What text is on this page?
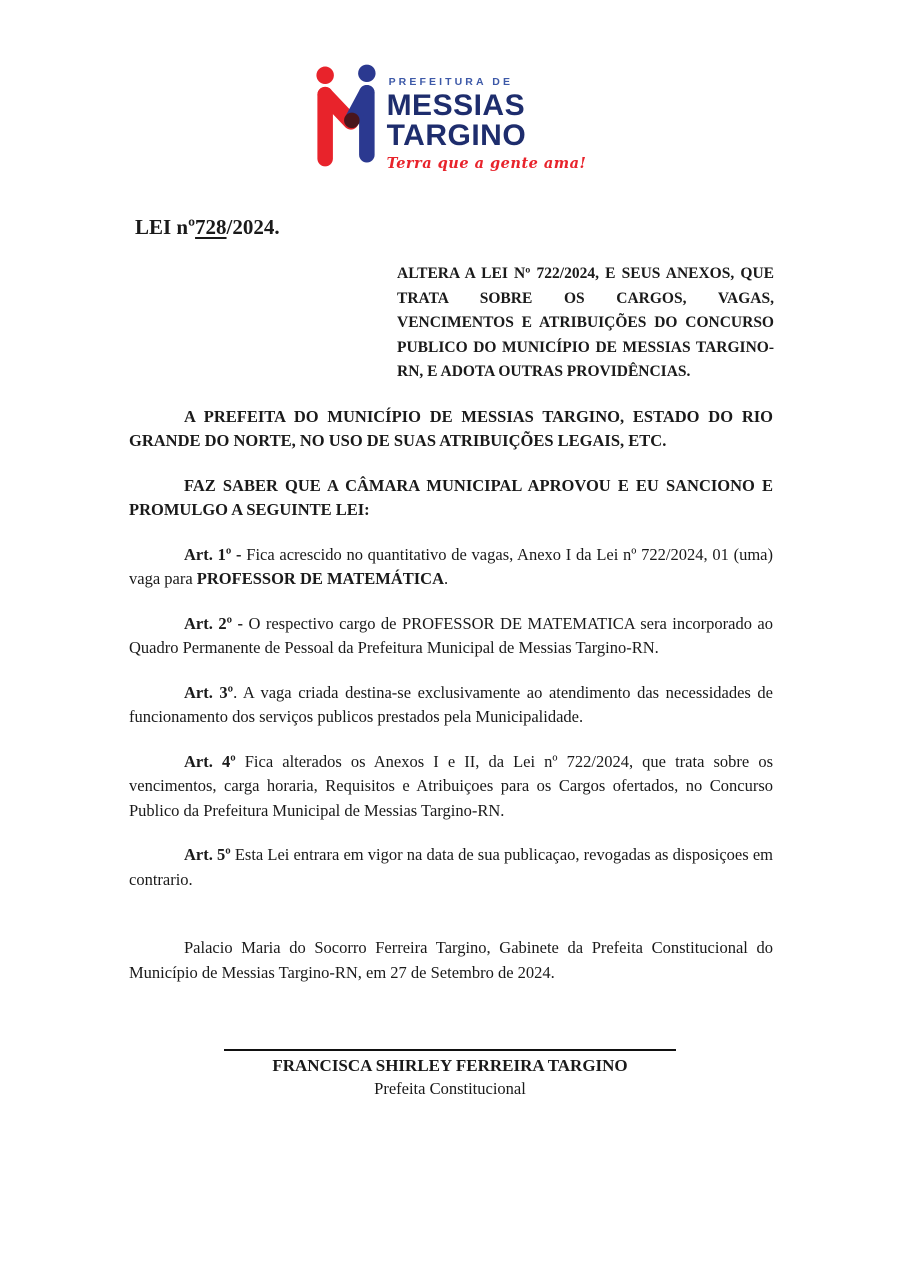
PREFEITURA DE
MESSIAS
TARGINO
Terra que a gente ama!
LEI nº728/2024.

ALTERA A LEI Nº 722/2024, E SEUS ANEXOS, QUE TRATA SOBRE OS CARGOS, VAGAS, VENCIMENTOS E ATRIBUIÇÕES DO CONCURSO PUBLICO DO MUNICÍPIO DE MESSIAS TARGINO-RN, E ADOTA OUTRAS PROVIDÊNCIAS.

A PREFEITA DO MUNICÍPIO DE MESSIAS TARGINO, ESTADO DO RIO GRANDE DO NORTE, NO USO DE SUAS ATRIBUIÇÕES LEGAIS, ETC.

FAZ SABER QUE A CÂMARA MUNICIPAL APROVOU E EU SANCIONO E PROMULGO A SEGUINTE LEI:

Art. 1º - Fica acrescido no quantitativo de vagas, Anexo I da Lei nº 722/2024, 01 (uma) vaga para PROFESSOR DE MATEMÁTICA.

Art. 2º - O respectivo cargo de PROFESSOR DE MATEMATICA sera incorporado ao Quadro Permanente de Pessoal da Prefeitura Municipal de Messias Targino-RN.

Art. 3º. A vaga criada destina-se exclusivamente ao atendimento das necessidades de funcionamento dos serviços publicos prestados pela Municipalidade.

Art. 4º Fica alterados os Anexos I e II, da Lei nº 722/2024, que trata sobre os vencimentos, carga horaria, Requisitos e Atribuiçoes para os Cargos ofertados, no Concurso Publico da Prefeitura Municipal de Messias Targino-RN.

Art. 5º Esta Lei entrara em vigor na data de sua publicaçao, revogadas as disposiçoes em contrario.

Palacio Maria do Socorro Ferreira Targino, Gabinete da Prefeita Constitucional do Município de Messias Targino-RN, em 27 de Setembro de 2024.

FRANCISCA SHIRLEY FERREIRA TARGINO
Prefeita Constitucional
